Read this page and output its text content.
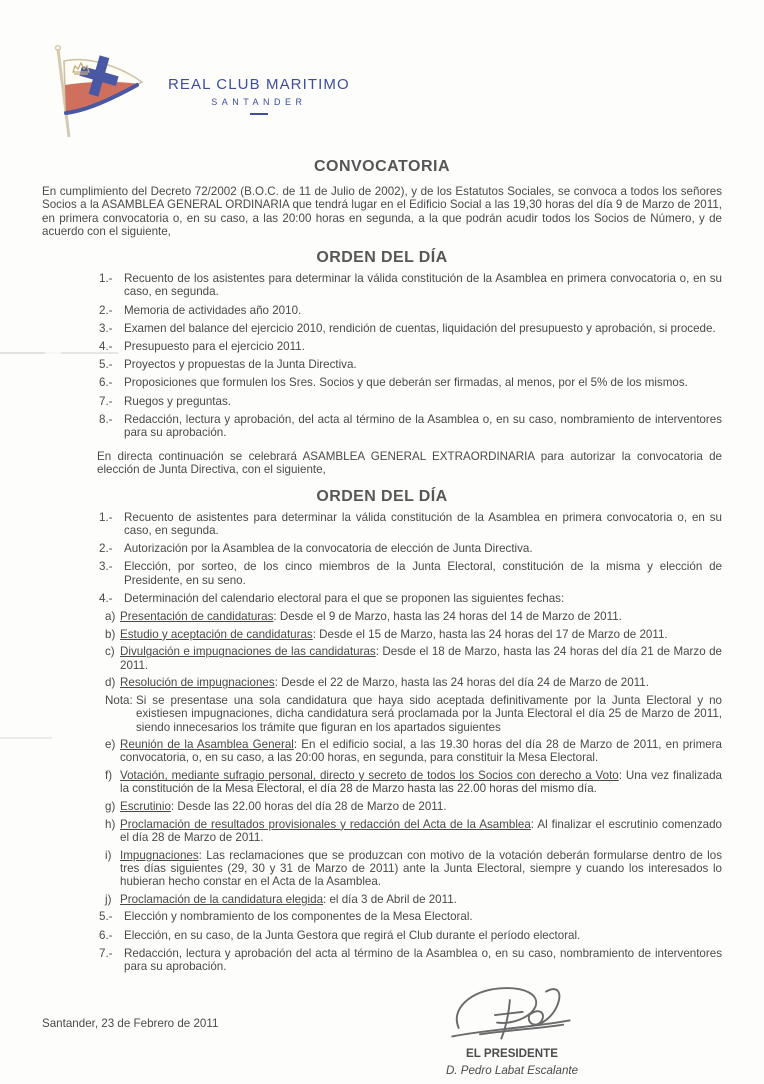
REAL CLUB MARITIMO
SANTANDER
CONVOCATORIA

En cumplimiento del Decreto 72/2002 (B.O.C. de 11 de Julio de 2002), y de los Estatutos Sociales, se convoca a todos los señores Socios a la ASAMBLEA GENERAL ORDINARIA que tendrá lugar en el Edificio Social a las 19,30 horas del día 9 de Marzo de 2011, en primera convocatoria o, en su caso, a las 20:00 horas en segunda, a la que podrán acudir todos los Socios de Número, y de acuerdo con el siguiente,

ORDEN DEL DÍA
1.- Recuento de los asistentes para determinar la válida constitución de la Asamblea en primera convocatoria o, en su caso, en segunda.
2.- Memoria de actividades año 2010.
3.- Examen del balance del ejercicio 2010, rendición de cuentas, liquidación del presupuesto y aprobación, si procede.
4.- Presupuesto para el ejercicio 2011.
5.- Proyectos y propuestas de la Junta Directiva.
6.- Proposiciones que formulen los Sres. Socios y que deberán ser firmadas, al menos, por el 5% de los mismos.
7.- Ruegos y preguntas.
8.- Redacción, lectura y aprobación, del acta al término de la Asamblea o, en su caso, nombramiento de interventores para su aprobación.

En directa continuación se celebrará ASAMBLEA GENERAL EXTRAORDINARIA para autorizar la convocatoria de elección de Junta Directiva, con el siguiente,

ORDEN DEL DÍA
1.- Recuento de asistentes para determinar la válida constitución de la Asamblea en primera convocatoria o, en su caso, en segunda.
2.- Autorización por la Asamblea de la convocatoria de elección de Junta Directiva.
3.- Elección, por sorteo, de los cinco miembros de la Junta Electoral, constitución de la misma y elección de Presidente, en su seno.
4.- Determinación del calendario electoral para el que se proponen las siguientes fechas:
a) Presentación de candidaturas: Desde el 9 de Marzo, hasta las 24 horas del 14 de Marzo de 2011.
b) Estudio y aceptación de candidaturas: Desde el 15 de Marzo, hasta las 24 horas del 17 de Marzo de 2011.
c) Divulgación e impugnaciones de las candidaturas: Desde el 18 de Marzo, hasta las 24 horas del día 21 de Marzo de 2011.
d) Resolución de impugnaciones: Desde el 22 de Marzo, hasta las 24 horas del día 24 de Marzo de 2011.
Nota: Si se presentase una sola candidatura que haya sido aceptada definitivamente por la Junta Electoral y no existiesen impugnaciones, dicha candidatura será proclamada por la Junta Electoral el día 25 de Marzo de 2011, siendo innecesarios los trámite que figuran en los apartados siguientes
e) Reunión de la Asamblea General: En el edificio social, a las 19.30 horas del día 28 de Marzo de 2011, en primera convocatoria, o, en su caso, a las 20:00 horas, en segunda, para constituir la Mesa Electoral.
f) Votación, mediante sufragio personal, directo y secreto de todos los Socios con derecho a Voto: Una vez finalizada la constitución de la Mesa Electoral, el día 28 de Marzo hasta las 22.00 horas del mismo día.
g) Escrutinio: Desde las 22.00 horas del día 28 de Marzo de 2011.
h) Proclamación de resultados provisionales y redacción del Acta de la Asamblea: Al finalizar el escrutinio comenzado el día 28 de Marzo de 2011.
i) Impugnaciones: Las reclamaciones que se produzcan con motivo de la votación deberán formularse dentro de los tres días siguientes (29, 30 y 31 de Marzo de 2011) ante la Junta Electoral, siempre y cuando los interesados lo hubieran hecho constar en el Acta de la Asamblea.
j) Proclamación de la candidatura elegida: el día 3 de Abril de 2011.
5.- Elección y nombramiento de los componentes de la Mesa Electoral.
6.- Elección, en su caso, de la Junta Gestora que regirá el Club durante el período electoral.
7.- Redacción, lectura y aprobación del acta al término de la Asamblea o, en su caso, nombramiento de interventores para su aprobación.
Santander, 23 de Febrero de 2011
EL PRESIDENTE
D. Pedro Labat Escalante
